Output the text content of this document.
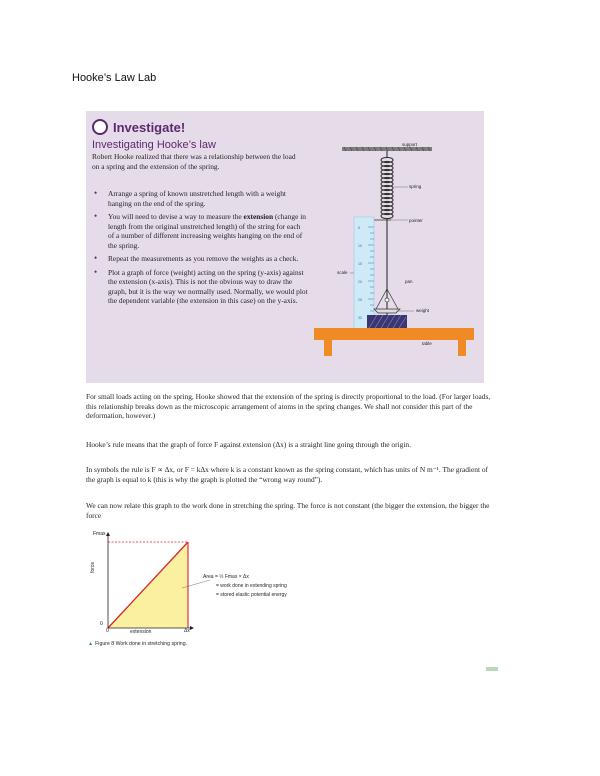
Hooke’s Law Lab
Investigate!
Investigating Hooke’s law
Robert Hooke realized that there was a relationship between the load on a spring and the extension of the spring.
• Arrange a spring of known unstretched length with a weight hanging on the end of the spring.
• You will need to devise a way to measure the extension (change in length from the original unstretched length) of the string for each of a number of different increasing weights hanging on the end of the spring.
• Repeat the measurements as you remove the weights as a check.
• Plot a graph of force (weight) acting on the spring (y-axis) against the extension (x-axis). This is not the obvious way to draw the graph, but it is the way we normally used. Normally, we would plot the dependent variable (the extension in this case) on the y-axis.
5
10
15
20
25
30
support
spring
pointer
scale
pan
weight
table

For small loads acting on the spring, Hooke showed that the extension of the spring is directly proportional to the load. (For larger loads, this relationship breaks down as the microscopic arrangement of atoms in the spring changes. We shall not consider this part of the deformation, however.)

Hooke’s rule means that the graph of force F against extension (Δx) is a straight line going through the origin.

In symbols the rule is F ∝ Δx, or F = kΔx where k is a constant known as the spring constant, which has units of N m⁻¹. The gradient of the graph is equal to k (this is why the graph is plotted the “wrong way round”).

We can now relate this graph to the work done in stretching the spring. The force is not constant (the bigger the extension, the bigger the force

Fmax
force
0
0	extension	Δx
Area = ½ Fmax × Δx
= work done in extending spring
= stored elastic potential energy
▲ Figure 8 Work done in stretching spring.
